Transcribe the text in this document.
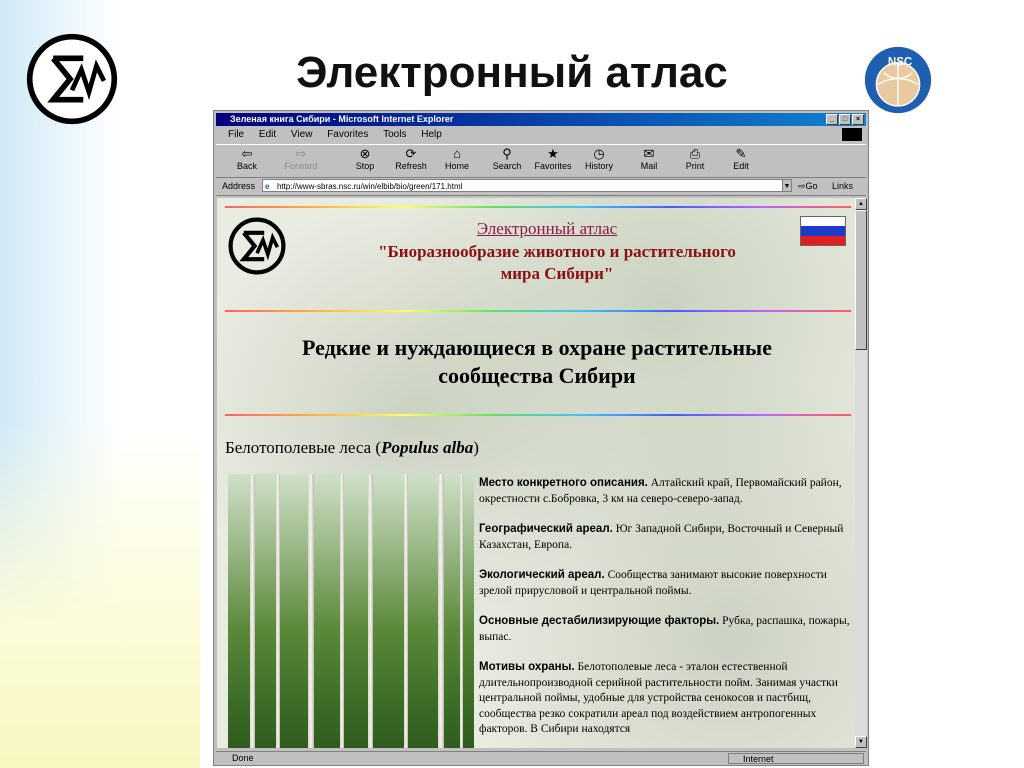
Электронный атлас	NSC
Зеленая книга Сибири - Microsoft Internet Explorer	_	□	×
File Edit View Favorites Tools Help
⇦
Back
⇨
Forward
⊗
Stop
⟳
Refresh
⌂
Home
⚲
Search
★
Favorites
◷
History
✉
Mail
⎙
Print
✎
Edit
Address e http://www-sbras.nsc.ru/win/elbib/bio/green/171.html	▼ ⇨Go Links
Электронный атлас
"Биоразнообразие животного и растительного
мира Сибири"
Редкие и нуждающиеся в охране растительные
сообщества Сибири
Белотополевые леса (Populus alba)

Место конкретного описания. Алтайский край, Первомайский район, окрестности с.Бобровка, 3 км на северо-северо-запад.

Географический ареал. Юг Западной Сибири, Восточный и Северный Казахстан, Европа.

Экологический ареал. Сообщества занимают высокие поверхности зрелой прирусловой и центральной поймы.

Основные дестабилизирующие факторы. Рубка, распашка, пожары, выпас.

Мотивы охраны. Белотополевые леса - эталон естественной длительнопроизводной серийной растительности пойм. Занимая участки центральной поймы, удобные для устройства сенокосов и пастбищ, сообщества резко сократили ареал под воздействием антропогенных факторов. В Сибири находятся

▲
▼
Done	Internet
